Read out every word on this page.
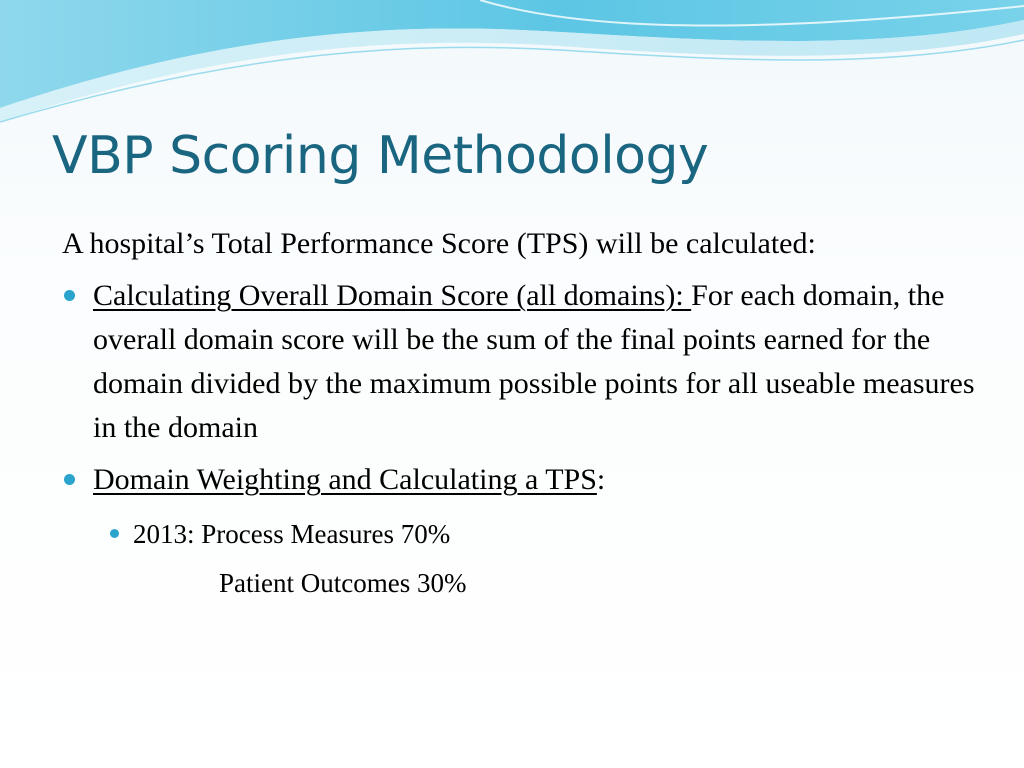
VBP Scoring Methodology

A hospital’s Total Performance Score (TPS) will be calculated:

Calculating Overall Domain Score (all domains): For each domain, the overall domain score will be the sum of the final points earned for the domain divided by the maximum possible points for all useable measures in the domain
Domain Weighting and Calculating a TPS:
2013: Process Measures 70%
Patient Outcomes 30%
